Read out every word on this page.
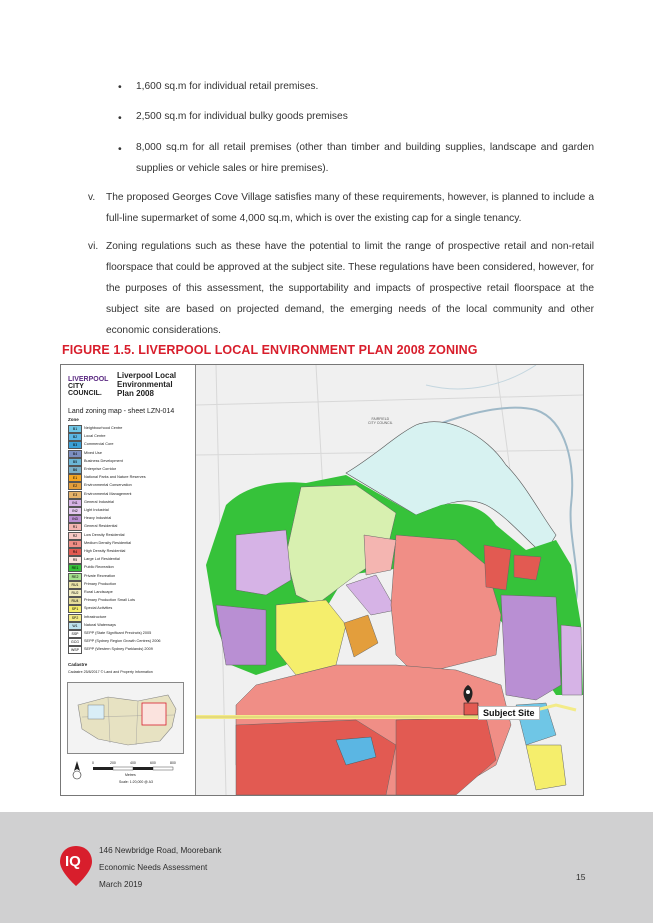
• 1,600 sq.m for individual retail premises.
• 2,500 sq.m for individual bulky goods premises
• 8,000 sq.m for all retail premises (other than timber and building supplies, landscape and garden supplies or vehicle sales or hire premises).
v. The proposed Georges Cove Village satisfies many of these requirements, however, is planned to include a full-line supermarket of some 4,000 sq.m, which is over the existing cap for a single tenancy.
vi. Zoning regulations such as these have the potential to limit the range of prospective retail and non-retail floorspace that could be approved at the subject site. These regulations have been considered, however, for the purposes of this assessment, the supportability and impacts of prospective retail floorspace at the subject site are based on projected demand, the emerging needs of the local community and other economic considerations.
FIGURE 1.5. LIVERPOOL LOCAL ENVIRONMENT PLAN 2008 ZONING
LIVERPOOL
CITY
COUNCIL.
Liverpool Local
Environmental
Plan 2008
Land zoning map - sheet LZN-014
Zone
B1	Neighbourhood Centre
B2	Local Centre
B3	Commercial Core
B4	Mixed Use
B5	Business Development
B6	Enterprise Corridor
E1	National Parks and Nature Reserves
E2	Environmental Conservation
E3	Environmental Management
IN1	General Industrial
IN2	Light Industrial
IN3	Heavy Industrial
R1	General Residential
R2	Low Density Residential
R3	Medium Density Residential
R4	High Density Residential
R5	Large Lot Residential
RE1	Public Recreation
RE2	Private Recreation
RU1	Primary Production
RU2	Rural Landscape
RU4	Primary Production Small Lots
SP1	Special Activities
SP2	Infrastructure
W1	Natural Waterways
SSP	SEPP (State Significant Precincts) 2005
GCG	SEPP (Sydney Region Growth Centres) 2006
WSP	SEPP (Western Sydney Parklands) 2009
Cadastre
Cadastre 25/8/2017 © Land and Property Information
0	200	400	600	800
Metres
Scale: 1:20,000 @ A3
FAIRFIELD
CITY COUNCIL
Subject Site
IQ
146 Newbridge Road, Moorebank
Economic Needs Assessment
March 2019
15
